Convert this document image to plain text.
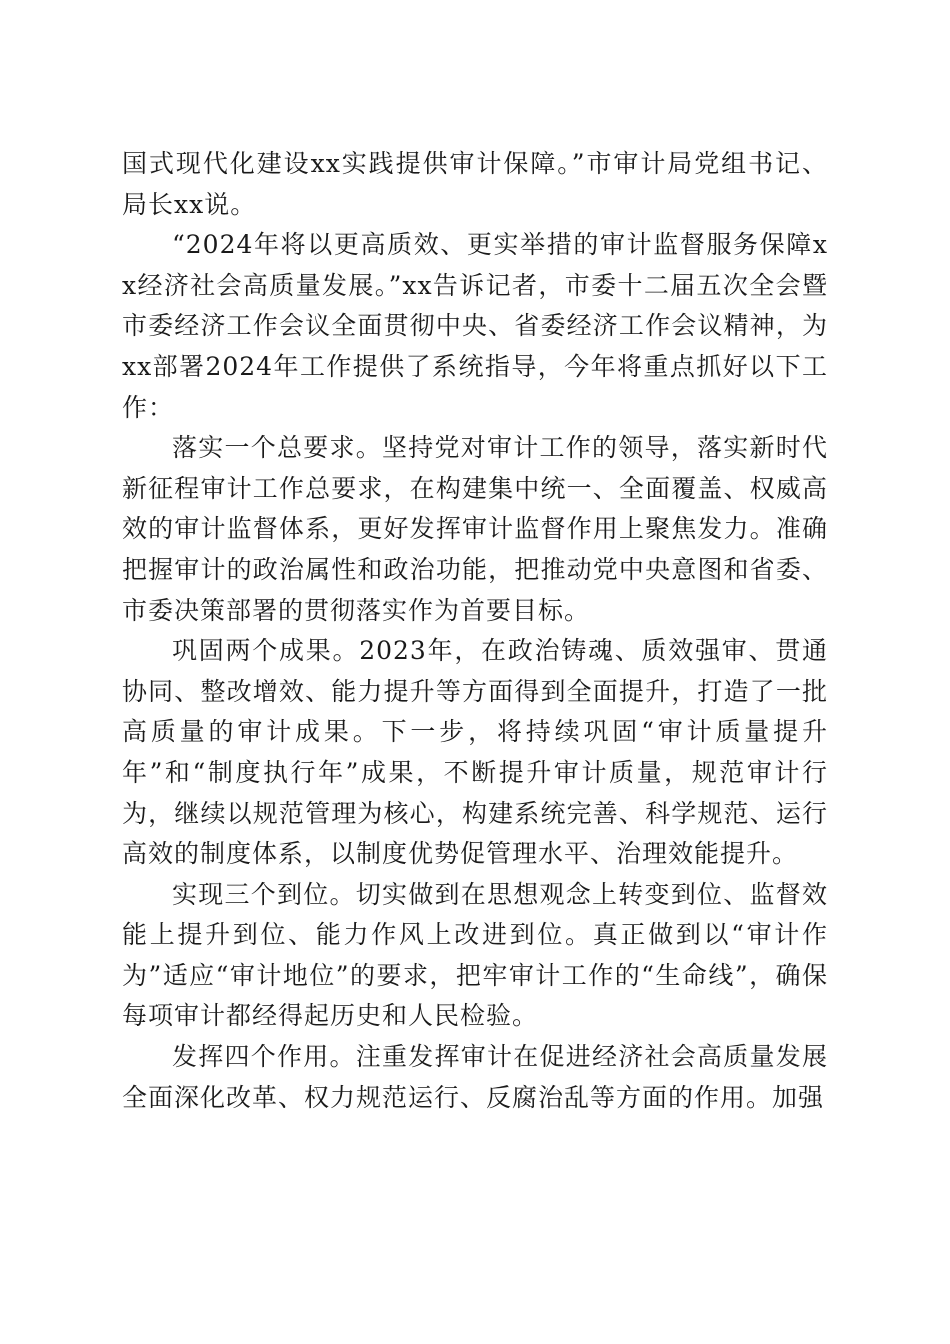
国式现代化建设xx实践提供审计保障。”市审计局党组书记、局长xx说。

“2024年将以更高质效、更实举措的审计监督服务保障xx经济社会高质量发展。”xx告诉记者，市委十二届五次全会暨市委经济工作会议全面贯彻中央、省委经济工作会议精神，为xx部署2024年工作提供了系统指导，今年将重点抓好以下工作：

落实一个总要求。坚持党对审计工作的领导，落实新时代新征程审计工作总要求，在构建集中统一、全面覆盖、权威高效的审计监督体系，更好发挥审计监督作用上聚焦发力。准确把握审计的政治属性和政治功能，把推动党中央意图和省委、市委决策部署的贯彻落实作为首要目标。

巩固两个成果。2023年，在政治铸魂、质效强审、贯通协同、整改增效、能力提升等方面得到全面提升，打造了一批高质量的审计成果。下一步，将持续巩固“审计质量提升年”和“制度执行年”成果，不断提升审计质量，规范审计行为，继续以规范管理为核心，构建系统完善、科学规范、运行高效的制度体系，以制度优势促管理水平、治理效能提升。

实现三个到位。切实做到在思想观念上转变到位、监督效能上提升到位、能力作风上改进到位。真正做到以“审计作为”适应“审计地位”的要求，把牢审计工作的“生命线”，确保每项审计都经得起历史和人民检验。

发挥四个作用。注重发挥审计在促进经济社会高质量发展全面深化改革、权力规范运行、反腐治乱等方面的作用。加强
